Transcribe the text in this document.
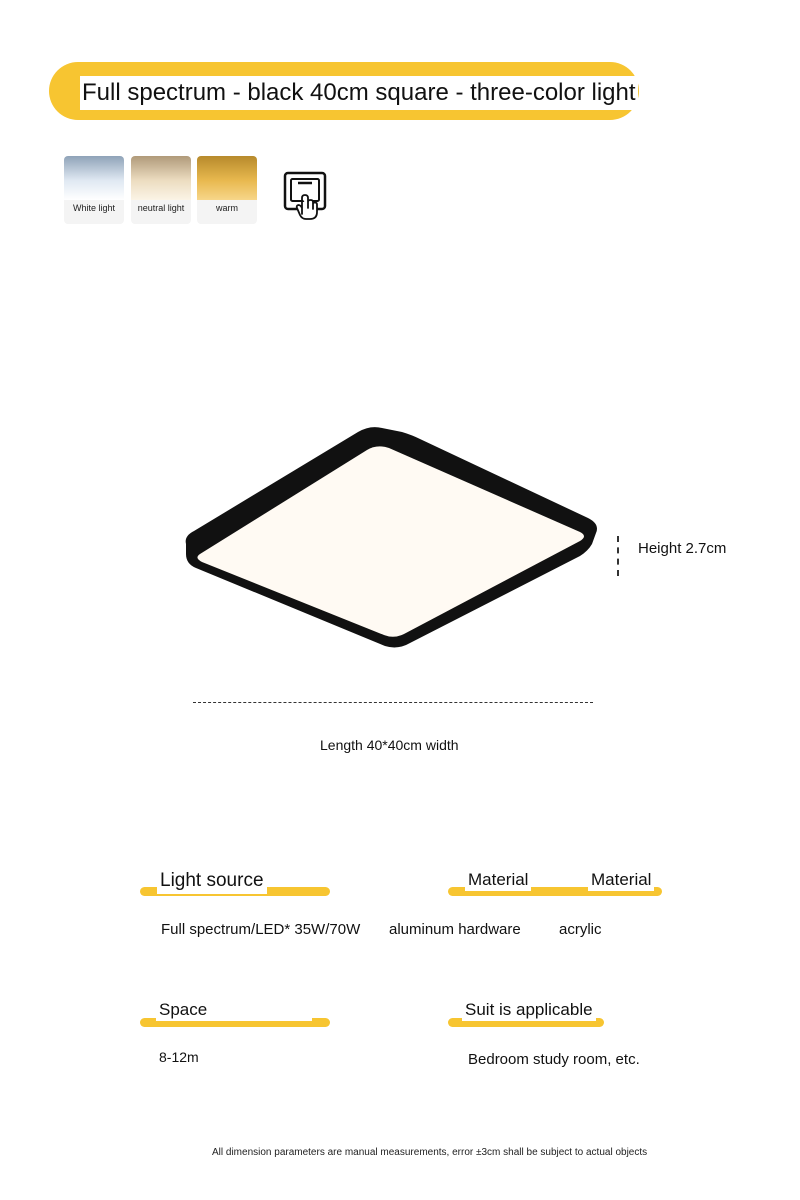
Full spectrum - black 40cm square - three-color light
White light	neutral light	warm
Height 2.7cm
Length 40*40cm width
Light source
Full spectrum/LED* 35W/70W
Material	Material
aluminum hardware	acrylic
Space
8-12m
Suit is applicable
Bedroom study room, etc.
All dimension parameters are manual measurements, error ±3cm shall be subject to actual objects
